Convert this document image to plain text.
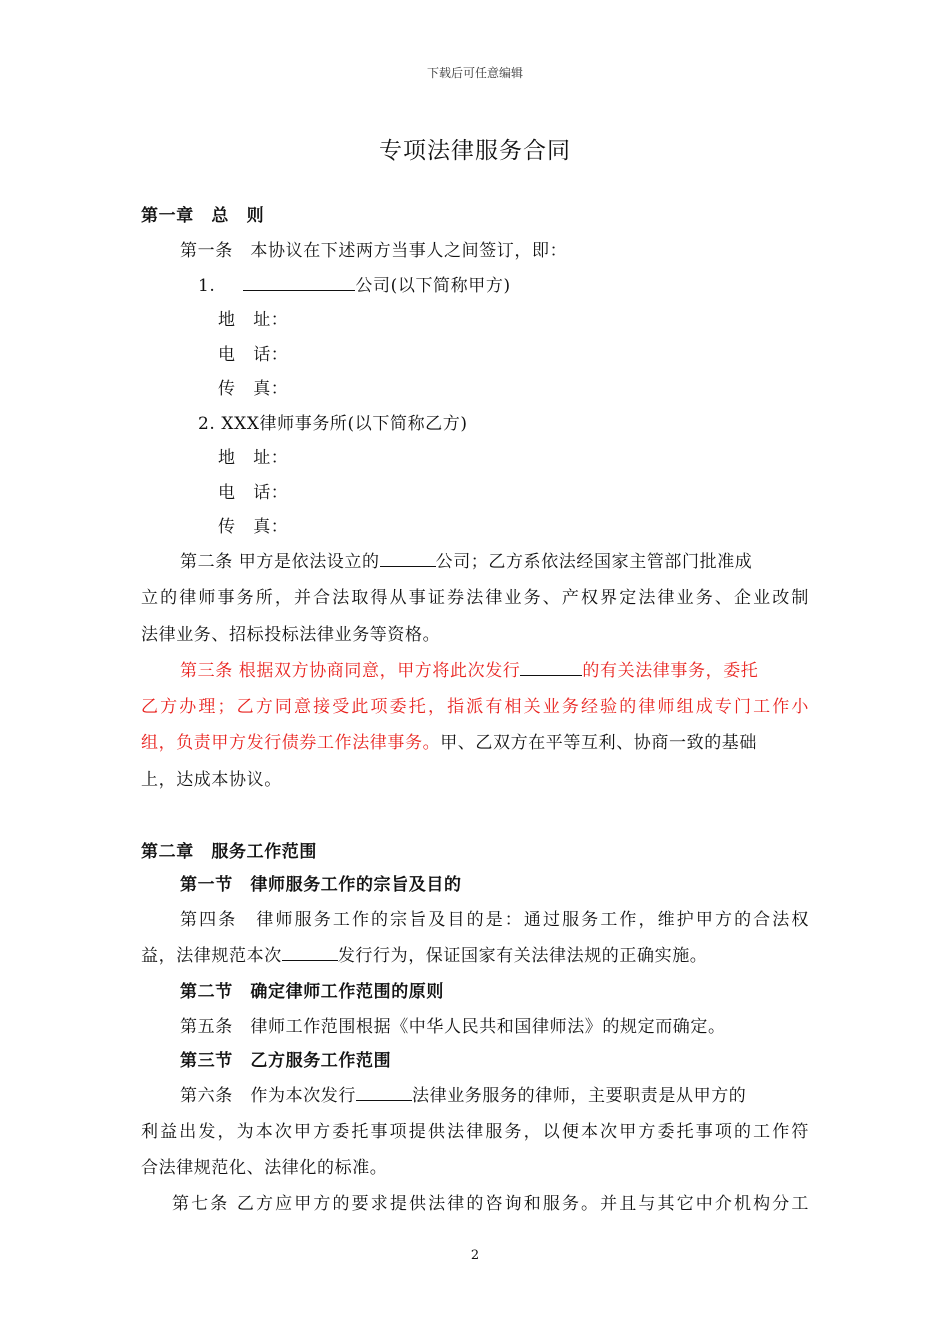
下载后可任意编辑
专项法律服务合同
第一章　总　则
第一条　本协议在下述两方当事人之间签订，即：
1.	公司(以下简称甲方)
地　址：
电　话：
传　真：
2. XXX律师事务所(以下简称乙方)
地　址：
电　话：
传　真：
第二条 甲方是依法设立的	公司；乙方系依法经国家主管部门批准成
立的律师事务所，并合法取得从事证券法律业务、产权界定法律业务、企业改制
法律业务、招标投标法律业务等资格。
第三条 根据双方协商同意，甲方将此次发行	的有关法律事务，委托
乙方办理；乙方同意接受此项委托，指派有相关业务经验的律师组成专门工作小
组，负责甲方发行债券工作法律事务。甲、乙双方在平等互利、协商一致的基础
上，达成本协议。
第二章　服务工作范围
第一节　律师服务工作的宗旨及目的
第四条　律师服务工作的宗旨及目的是：通过服务工作，维护甲方的合法权
益，法律规范本次	发行行为，保证国家有关法律法规的正确实施。
第二节　确定律师工作范围的原则
第五条　律师工作范围根据《中华人民共和国律师法》的规定而确定。
第三节　乙方服务工作范围
第六条　作为本次发行	法律业务服务的律师，主要职责是从甲方的
利益出发，为本次甲方委托事项提供法律服务，以便本次甲方委托事项的工作符
合法律规范化、法律化的标准。
第七条 乙方应甲方的要求提供法律的咨询和服务。并且与其它中介机构分工
2
